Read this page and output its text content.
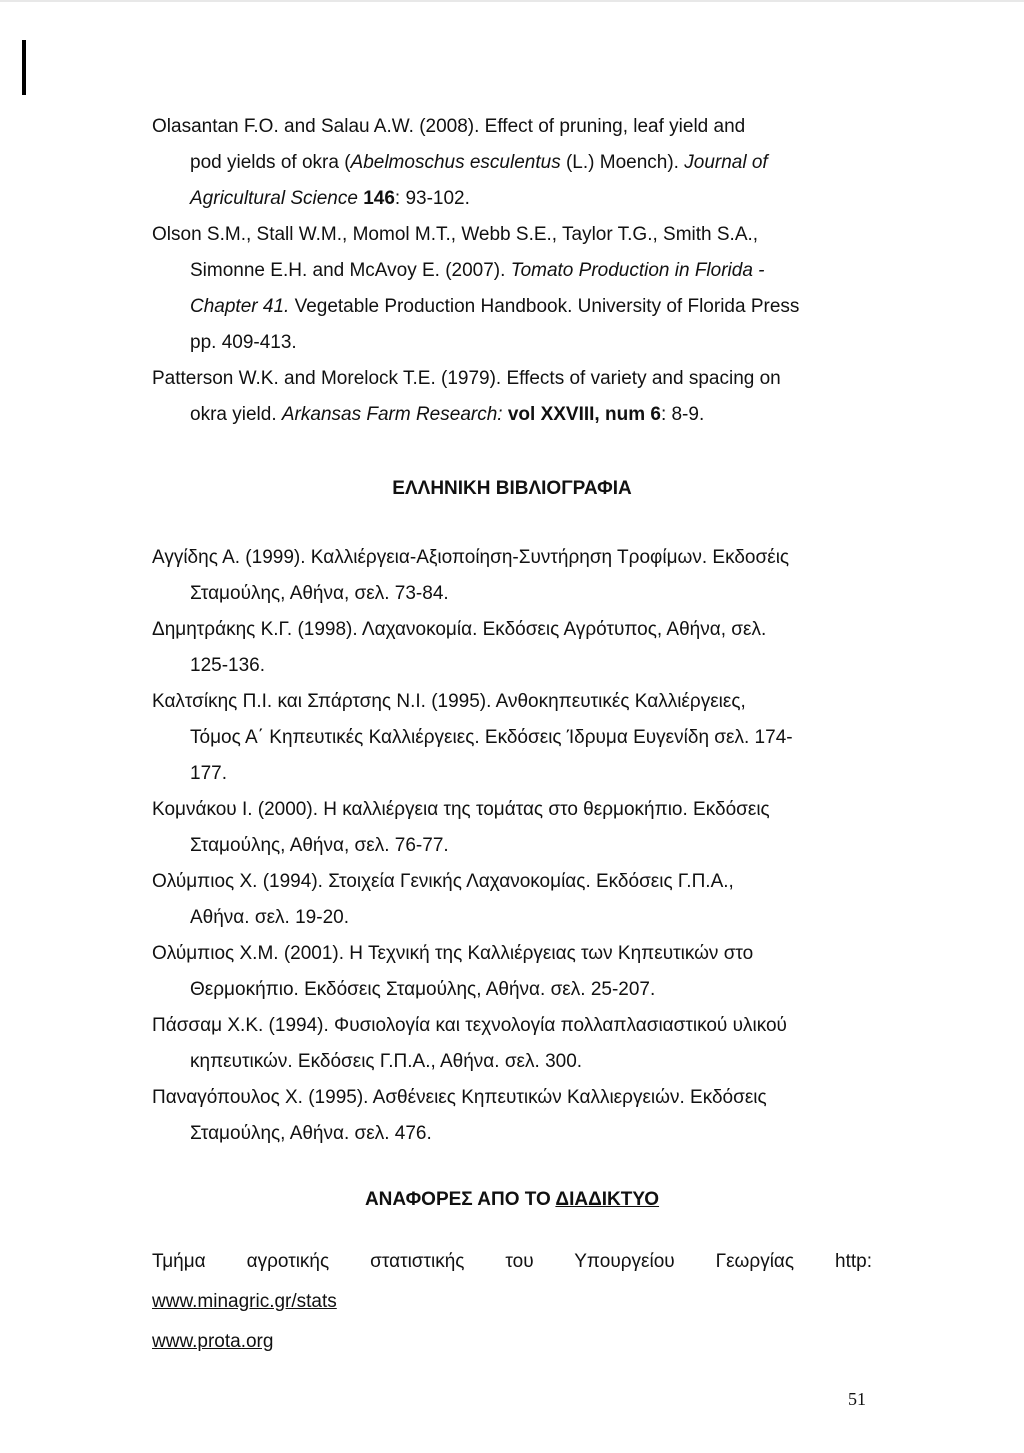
Olasantan F.O. and Salau A.W. (2008). Effect of pruning, leaf yield and
pod yields of okra (Abelmoschus esculentus (L.) Moench). Journal of
Agricultural Science 146: 93-102.

Olson S.M., Stall W.M., Momol M.T., Webb S.E., Taylor T.G., Smith S.A.,
Simonne E.H. and McAvoy E. (2007). Tomato Production in Florida -
Chapter 41. Vegetable Production Handbook. University of Florida Press
pp. 409-413.

Patterson W.K. and Morelock T.E. (1979). Effects of variety and spacing on
okra yield. Arkansas Farm Research: vol XXVIII, num 6: 8-9.

ΕΛΛΗΝΙΚΗ ΒΙΒΛΙΟΓΡΑΦΙΑ

Αγγίδης Α. (1999). Καλλιέργεια-Αξιοποίηση-Συντήρηση Τροφίμων. Εκδοσέις
Σταμούλης, Αθήνα, σελ. 73-84.

Δημητράκης Κ.Γ. (1998). Λαχανοκομία. Εκδόσεις Αγρότυπος, Αθήνα, σελ.
125-136.

Καλτσίκης Π.Ι. και Σπάρτσης Ν.Ι. (1995). Ανθοκηπευτικές Καλλιέργειες,
Τόμος Α΄ Κηπευτικές Καλλιέργειες. Εκδόσεις Ίδρυμα Ευγενίδη σελ. 174-
177.

Κομνάκου Ι. (2000). Η καλλιέργεια της τομάτας στο θερμοκήπιο. Εκδόσεις
Σταμούλης, Αθήνα, σελ. 76-77.

Ολύμπιος Χ. (1994). Στοιχεία Γενικής Λαχανοκομίας. Εκδόσεις Γ.Π.Α.,
Αθήνα. σελ. 19-20.

Ολύμπιος Χ.Μ. (2001). Η Τεχνική της Καλλιέργειας των Κηπευτικών στο
Θερμοκήπιο. Εκδόσεις Σταμούλης, Αθήνα. σελ. 25-207.

Πάσσαμ Χ.Κ. (1994). Φυσιολογία και τεχνολογία πολλαπλασιαστικού υλικού
κηπευτικών. Εκδόσεις Γ.Π.Α., Αθήνα. σελ. 300.

Παναγόπουλος Χ. (1995). Ασθένειες Κηπευτικών Καλλιεργειών. Εκδόσεις
Σταμούλης, Αθήνα. σελ. 476.

ΑΝΑΦΟΡΕΣ ΑΠΟ ΤΟ ΔΙΑΔΙΚΤΥΟ

Τμήμα αγροτικής στατιστικής του Υπουργείου Γεωργίας http:

www.minagric.gr/stats
www.prota.org
51
